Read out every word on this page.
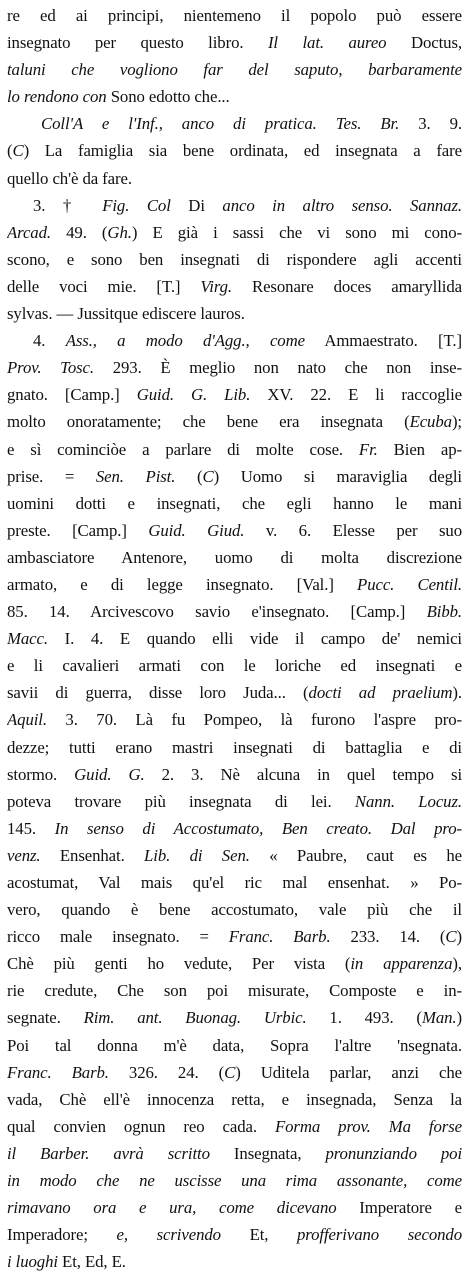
re ed ai principi, nientemeno il popolo può essere
insegnato per questo libro. Il lat. aureo Doctus,
taluni che vogliono far del saputo, barbaramente
lo rendono con Sono edotto che...
Coll'A e l'Inf., anco di pratica. Tes. Br. 3. 9.
(C) La famiglia sia bene ordinata, ed insegnata a fare
quello ch'è da fare.
3. † Fig. Col Di anco in altro senso. Sannaz.
Arcad. 49. (Gh.) E già i sassi che vi sono mi cono-
scono, e sono ben insegnati di rispondere agli accenti
delle voci mie. [T.] Virg. Resonare doces amaryllida
sylvas. — Jussitque ediscere lauros.
4. Ass., a modo d'Agg., come Ammaestrato. [T.]
Prov. Tosc. 293. È meglio non nato che non inse-
gnato. [Camp.] Guid. G. Lib. XV. 22. E li raccoglie
molto onoratamente; che bene era insegnata (Ecuba);
e sì cominciòe a parlare di molte cose. Fr. Bien ap-
prise. = Sen. Pist. (C) Uomo si maraviglia degli
uomini dotti e insegnati, che egli hanno le mani
preste. [Camp.] Guid. Giud. v. 6. Elesse per suo
ambasciatore Antenore, uomo di molta discrezione
armato, e di legge insegnato. [Val.] Pucc. Centil.
85. 14. Arcivescovo savio e'insegnato. [Camp.] Bibb.
Macc. I. 4. E quando elli vide il campo de' nemici
e li cavalieri armati con le loriche ed insegnati e
savii di guerra, disse loro Juda... (docti ad praelium).
Aquil. 3. 70. Là fu Pompeo, là furono l'aspre pro-
dezze; tutti erano mastri insegnati di battaglia e di
stormo. Guid. G. 2. 3. Nè alcuna in quel tempo si
poteva trovare più insegnata di lei. Nann. Locuz.
145. In senso di Accostumato, Ben creato. Dal pro-
venz. Ensenhat. Lib. di Sen. « Paubre, caut es he
acostumat, Val mais qu'el ric mal ensenhat. » Po-
vero, quando è bene accostumato, vale più che il
ricco male insegnato. = Franc. Barb. 233. 14. (C)
Chè più genti ho vedute, Per vista (in apparenza),
rie credute, Che son poi misurate, Composte e in-
segnate. Rim. ant. Buonag. Urbic. 1. 493. (Man.)
Poi tal donna m'è data, Sopra l'altre 'nsegnata.
Franc. Barb. 326. 24. (C) Uditela parlar, anzi che
vada, Chè ell'è innocenza retta, e insegnada, Senza la
qual convien ognun reo cada. Forma prov. Ma forse
il Barber. avrà scritto Insegnata, pronunziando poi
in modo che ne uscisse una rima assonante, come
rimavano ora e ura, come dicevano Imperatore e
Imperadore; e, scrivendo Et, profferivano secondo
i luoghi Et, Ed, E.
